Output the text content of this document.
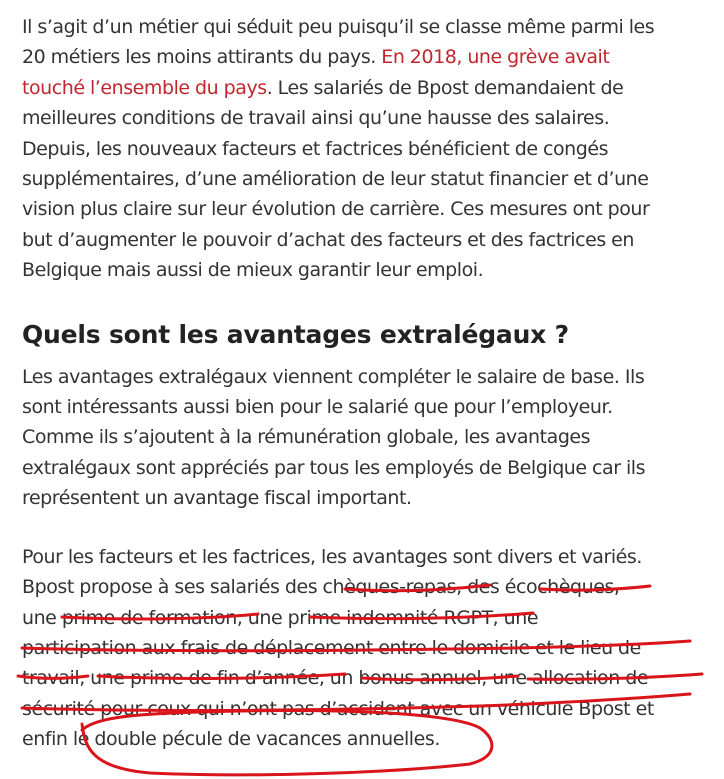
Il s’agit d’un métier qui séduit peu puisqu’il se classe même parmi les
20 métiers les moins attirants du pays. En 2018, une grève avait
touché l’ensemble du pays. Les salariés de Bpost demandaient de
meilleures conditions de travail ainsi qu’une hausse des salaires.
Depuis, les nouveaux facteurs et factrices bénéficient de congés
supplémentaires, d’une amélioration de leur statut financier et d’une
vision plus claire sur leur évolution de carrière. Ces mesures ont pour
but d’augmenter le pouvoir d’achat des facteurs et des factrices en
Belgique mais aussi de mieux garantir leur emploi.

Quels sont les avantages extralégaux ?

Les avantages extralégaux viennent compléter le salaire de base. Ils
sont intéressants aussi bien pour le salarié que pour l’employeur.
Comme ils s’ajoutent à la rémunération globale, les avantages
extralégaux sont appréciés par tous les employés de Belgique car ils
représentent un avantage fiscal important.

Pour les facteurs et les factrices, les avantages sont divers et variés.
Bpost propose à ses salariés des chèques-repas, des écochèques,
une prime de formation, une prime indemnité RGPT, une
participation aux frais de déplacement entre le domicile et le lieu de
travail, une prime de fin d’année, un bonus annuel, une allocation de
sécurité pour ceux qui n’ont pas d’accident avec un véhicule Bpost et
enfin le double pécule de vacances annuelles.
